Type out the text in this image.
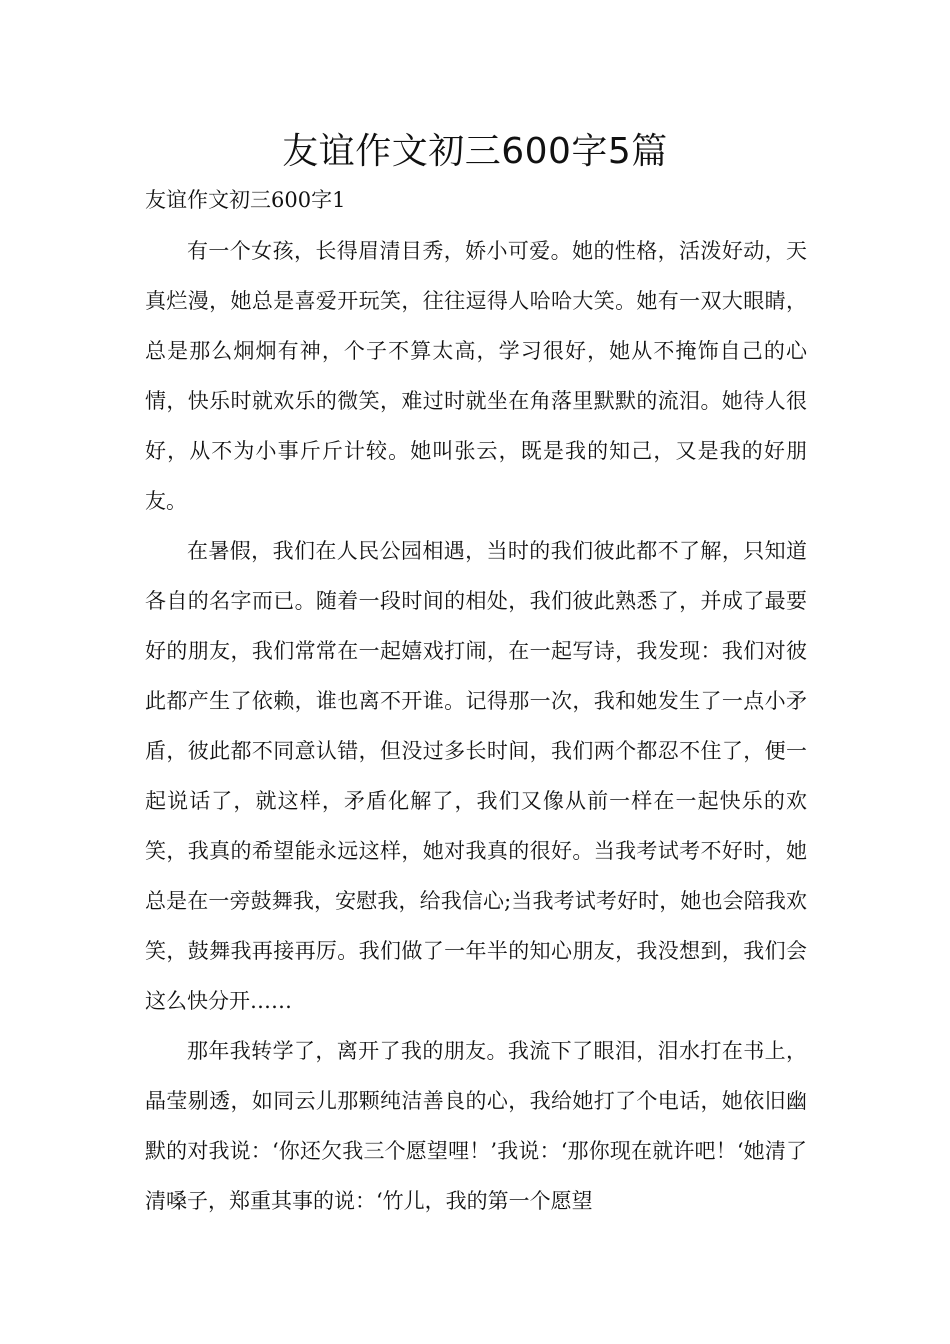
友谊作文初三600字5篇
友谊作文初三600字1

有一个女孩，长得眉清目秀，娇小可爱。她的性格，活泼好动，天真烂漫，她总是喜爱开玩笑，往往逗得人哈哈大笑。她有一双大眼睛，总是那么炯炯有神，个子不算太高，学习很好，她从不掩饰自己的心情，快乐时就欢乐的微笑，难过时就坐在角落里默默的流泪。她待人很好，从不为小事斤斤计较。她叫张云，既是我的知己，又是我的好朋友。

在暑假，我们在人民公园相遇，当时的我们彼此都不了解，只知道各自的名字而已。随着一段时间的相处，我们彼此熟悉了，并成了最要好的朋友，我们常常在一起嬉戏打闹，在一起写诗，我发现：我们对彼此都产生了依赖，谁也离不开谁。记得那一次，我和她发生了一点小矛盾，彼此都不同意认错，但没过多长时间，我们两个都忍不住了，便一起说话了，就这样，矛盾化解了，我们又像从前一样在一起快乐的欢笑，我真的希望能永远这样，她对我真的很好。当我考试考不好时，她总是在一旁鼓舞我，安慰我，给我信心;当我考试考好时，她也会陪我欢笑，鼓舞我再接再厉。我们做了一年半的知心朋友，我没想到，我们会这么快分开……

那年我转学了，离开了我的朋友。我流下了眼泪，泪水打在书上，晶莹剔透，如同云儿那颗纯洁善良的心，我给她打了个电话，她依旧幽默的对我说：‘你还欠我三个愿望哩！’我说：‘那你现在就许吧！‘她清了清嗓子，郑重其事的说：‘竹儿，我的第一个愿望
